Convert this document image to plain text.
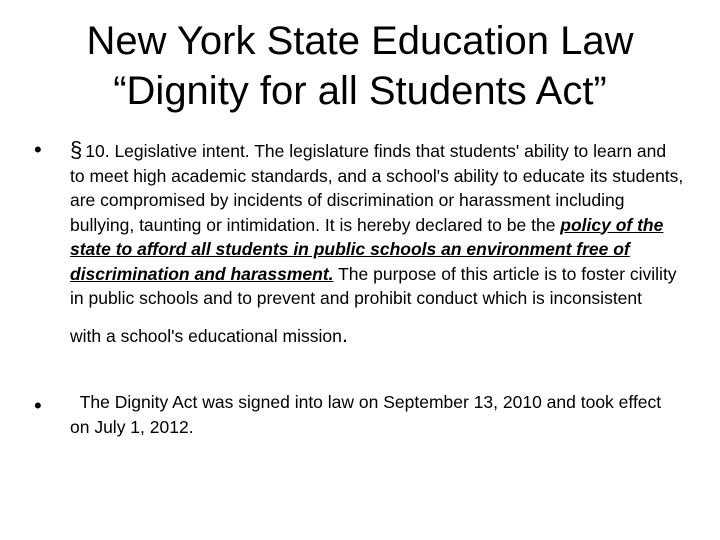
New York State Education Law
“Dignity for all Students Act”
• § 10. Legislative intent. The legislature finds that students' ability to learn and to meet high academic standards, and a school's ability to educate its students, are compromised by incidents of discrimination or harassment including bullying, taunting or intimidation. It is hereby declared to be the policy of the state to afford all students in public schools an environment free of discrimination and harassment. The purpose of this article is to foster civility in public schools and to prevent and prohibit conduct which is inconsistent
with a school's educational mission.

• The Dignity Act was signed into law on September 13, 2010 and took effect on July 1, 2012.
